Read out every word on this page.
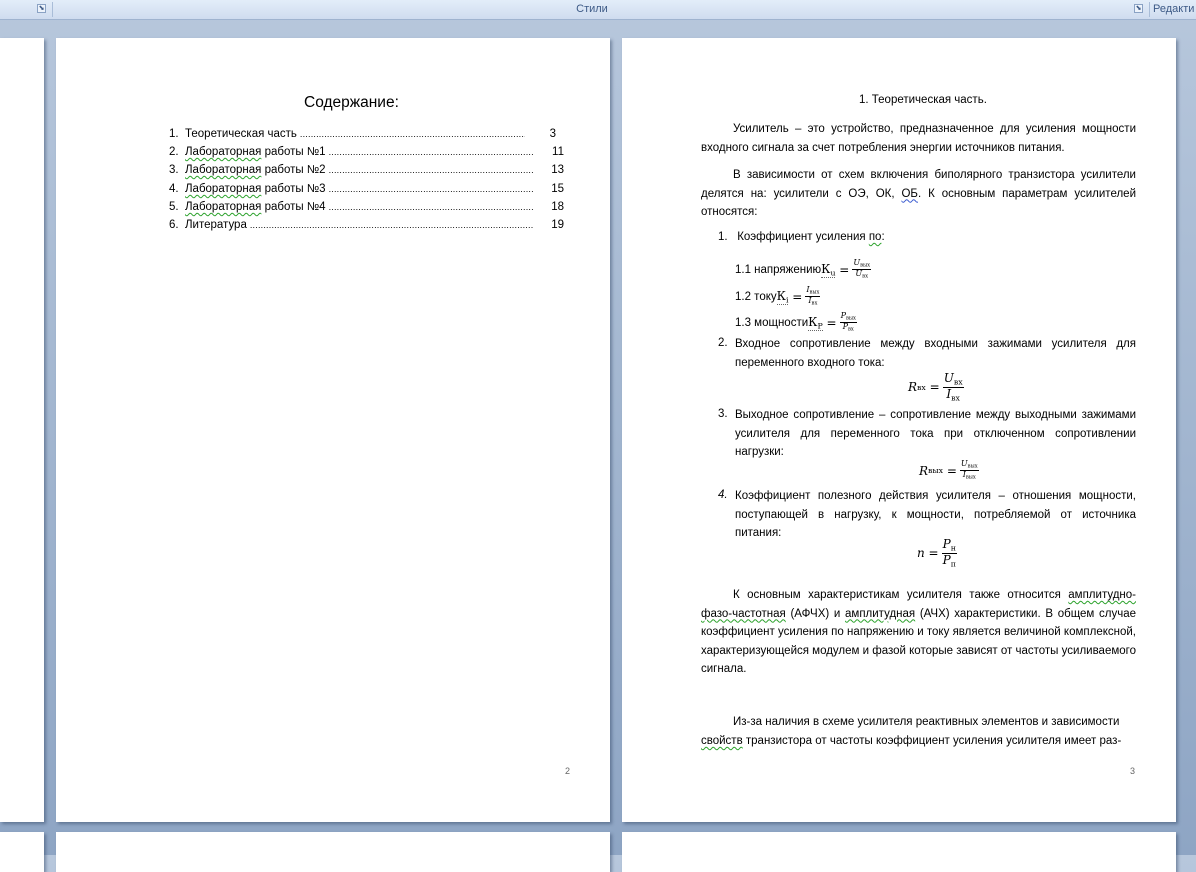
⬊	Стили	⬊ Редакти
Содержание:
1. Теоретическая часть .....	3
2. Лабораторная работы №1 .....	11
3. Лабораторная работы №2 .....	13
4. Лабораторная работы №3 .....	15
5. Лабораторная работы №4 .....	18
6. Литература .....	19
2
1. Теоретическая часть.
Усилитель – это устройство, предназначенное для усиления мощности входного сигнала за счет потребления энергии источников питания.
В зависимости от схем включения биполярного транзистора усилители делятся на: усилители с ОЭ, ОК, ОБ. К основным параметрам усилителей относятся:
1. Коэффициент усиления по:
1.1 напряжению $К_u = \frac{U_{вых}}{U_{вх}}$
1.2 току $К_i = \frac{I_{вых}}{I_{вх}}$
1.3 мощности $К_P = \frac{P_{вых}}{P_{вх}}$
2. Входное сопротивление между входными зажимами усилителя для переменного входного тока:
R вх = $\frac{U_{вх}}{I_{вх}}$
3. Выходное сопротивление – сопротивление между выходными зажимами усилителя для переменного тока при отключенном сопротивлении нагрузки:
R вых = $\frac{U_{вых}}{I_{вых}}$
4. Коэффициент полезного действия усилителя – отношения мощности, поступающей в нагрузку, к мощности, потребляемой от источника питания:
$n = \frac{P_н}{P_п}$
К основным характеристикам усилителя также относится амплитудно-фазо-частотная (АФЧХ) и амплитудная (АЧХ) характеристики. В общем случае коэффициент усиления по напряжению и току является величиной комплексной, характеризующейся модулем и фазой которые зависят от частоты усиливаемого сигнала.
Из-за наличия в схеме усилителя реактивных элементов и зависимости
свойств транзистора от частоты коэффициент усиления усилителя имеет раз-
3
